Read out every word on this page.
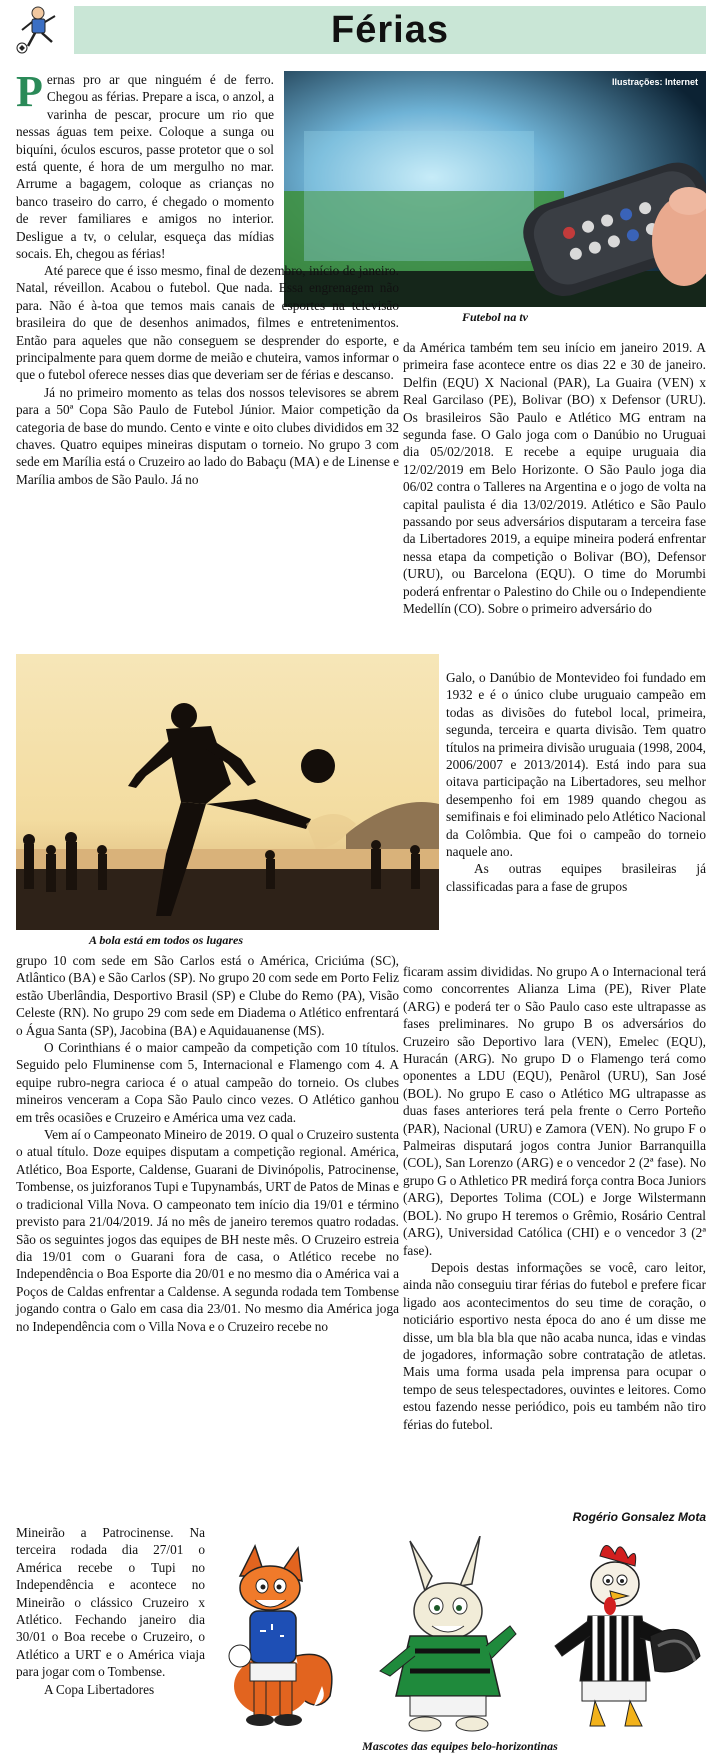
Férias
Ilustrações: Internet
Futebol na tv

Pernas pro ar que ninguém é de ferro. Chegou as férias. Prepare a isca, o anzol, a varinha de pescar, procure um rio que nessas águas tem peixe. Coloque a sunga ou biquíni, óculos escuros, passe protetor que o sol está quente, é hora de um mergulho no mar. Arrume a bagagem, coloque as crianças no banco traseiro do carro, é chegado o momento de rever familiares e amigos no interior. Desligue a tv, o celular, esqueça das mídias socais. Eh, chegou as férias!

A bola está em todos os lugares

Até parece que é isso mesmo, final de dezembro, início de janeiro. Natal, réveillon. Acabou o futebol. Que nada. Essa engrenagem não para. Não é à-toa que temos mais canais de esportes na televisão brasileira do que de desenhos animados, filmes e entretenimentos. Então para aqueles que não conseguem se desprender do esporte, e principalmente para quem dorme de meião e chuteira, vamos informar o que o futebol oferece nesses dias que deveriam ser de férias e descanso.

Já no primeiro momento as telas dos nossos televisores se abrem para a 50ª Copa São Paulo de Futebol Júnior. Maior competição da categoria de base do mundo. Cento e vinte e oito clubes divididos em 32 chaves. Quatro equipes mineiras disputam o torneio. No grupo 3 com sede em Marília está o Cruzeiro ao lado do Babaçu (MA) e de Linense e Marília ambos de São Paulo. Já no

grupo 10 com sede em São Carlos está o América, Criciúma (SC), Atlântico (BA) e São Carlos (SP). No grupo 20 com sede em Porto Feliz estão Uberlândia, Desportivo Brasil (SP) e Clube do Remo (PA), Visão Celeste (RN). No grupo 29 com sede em Diadema o Atlético enfrentará o Água Santa (SP), Jacobina (BA) e Aquidauanense (MS).

O Corinthians é o maior campeão da competição com 10 títulos. Seguido pelo Fluminense com 5, Internacional e Flamengo com 4. A equipe rubro-negra carioca é o atual campeão do torneio. Os clubes mineiros venceram a Copa São Paulo cinco vezes. O Atlético ganhou em três ocasiões e Cruzeiro e América uma vez cada.

Vem aí o Campeonato Mineiro de 2019. O qual o Cruzeiro sustenta o atual título. Doze equipes disputam a competição regional. América, Atlético, Boa Esporte, Caldense, Guarani de Divinópolis, Patrocinense, Tombense, os juizforanos Tupi e Tupynambás, URT de Patos de Minas e o tradicional Villa Nova. O campeonato tem início dia 19/01 e término previsto para 21/04/2019. Já no mês de janeiro teremos quatro rodadas. São os seguintes jogos das equipes de BH neste mês. O Cruzeiro estreia dia 19/01 com o Guarani fora de casa, o Atlético recebe no Independência o Boa Esporte dia 20/01 e no mesmo dia o América vai a Poços de Caldas enfrentar a Caldense. A segunda rodada tem Tombense jogando contra o Galo em casa dia 23/01. No mesmo dia América joga no Independência com o Villa Nova e o Cruzeiro recebe no

Mineirão a Patrocinense. Na terceira rodada dia 27/01 o América recebe o Tupi no Independência e acontece no Mineirão o clássico Cruzeiro x Atlético. Fechando janeiro dia 30/01 o Boa recebe o Cruzeiro, o Atlético a URT e o América viaja para jogar com o Tombense.

A Copa Libertadores

da América também tem seu início em janeiro 2019. A primeira fase acontece entre os dias 22 e 30 de janeiro. Delfin (EQU) X Nacional (PAR), La Guaira (VEN) x Real Garcilaso (PE), Bolivar (BO) x Defensor (URU). Os brasileiros São Paulo e Atlético MG entram na segunda fase. O Galo joga com o Danúbio no Uruguai dia 05/02/2018. E recebe a equipe uruguaia dia 12/02/2019 em Belo Horizonte. O São Paulo joga dia 06/02 contra o Talleres na Argentina e o jogo de volta na capital paulista é dia 13/02/2019. Atlético e São Paulo passando por seus adversários disputaram a terceira fase da Libertadores 2019, a equipe mineira poderá enfrentar nessa etapa da competição o Bolivar (BO), Defensor (URU), ou Barcelona (EQU). O time do Morumbi poderá enfrentar o Palestino do Chile ou o Independiente Medellín (CO). Sobre o primeiro adversário do

Galo, o Danúbio de Montevideo foi fundado em 1932 e é o único clube uruguaio campeão em todas as divisões do futebol local, primeira, segunda, terceira e quarta divisão. Tem quatro títulos na primeira divisão uruguaia (1998, 2004, 2006/2007 e 2013/2014). Está indo para sua oitava participação na Libertadores, seu melhor desempenho foi em 1989 quando chegou as semifinais e foi eliminado pelo Atlético Nacional da Colômbia. Que foi o campeão do torneio naquele ano.

As outras equipes brasileiras já classificadas para a fase de grupos

ficaram assim divididas. No grupo A o Internacional terá como concorrentes Alianza Lima (PE), River Plate (ARG) e poderá ter o São Paulo caso este ultrapasse as fases preliminares. No grupo B os adversários do Cruzeiro são Deportivo lara (VEN), Emelec (EQU), Huracán (ARG). No grupo D o Flamengo terá como oponentes a LDU (EQU), Penãrol (URU), San José (BOL). No grupo E caso o Atlético MG ultrapasse as duas fases anteriores terá pela frente o Cerro Porteño (PAR), Nacional (URU) e Zamora (VEN). No grupo F o Palmeiras disputará jogos contra Junior Barranquilla (COL), San Lorenzo (ARG) e o vencedor 2 (2ª fase). No grupo G o Athletico PR medirá força contra Boca Juniors (ARG), Deportes Tolima (COL) e Jorge Wilstermann (BOL). No grupo H teremos o Grêmio, Rosário Central (ARG), Universidad Católica (CHI) e o vencedor 3 (2ª fase).

Depois destas informações se você, caro leitor, ainda não conseguiu tirar férias do futebol e prefere ficar ligado aos acontecimentos do seu time de coração, o noticiário esportivo nesta época do ano é um disse me disse, um bla bla bla que não acaba nunca, idas e vindas de jogadores, informação sobre contratação de atletas. Mais uma forma usada pela imprensa para ocupar o tempo de seus telespectadores, ouvintes e leitores. Como estou fazendo nesse periódico, pois eu também não tiro férias do futebol.

Rogério Gonsalez Mota
Mascotes das equipes belo-horizontinas
